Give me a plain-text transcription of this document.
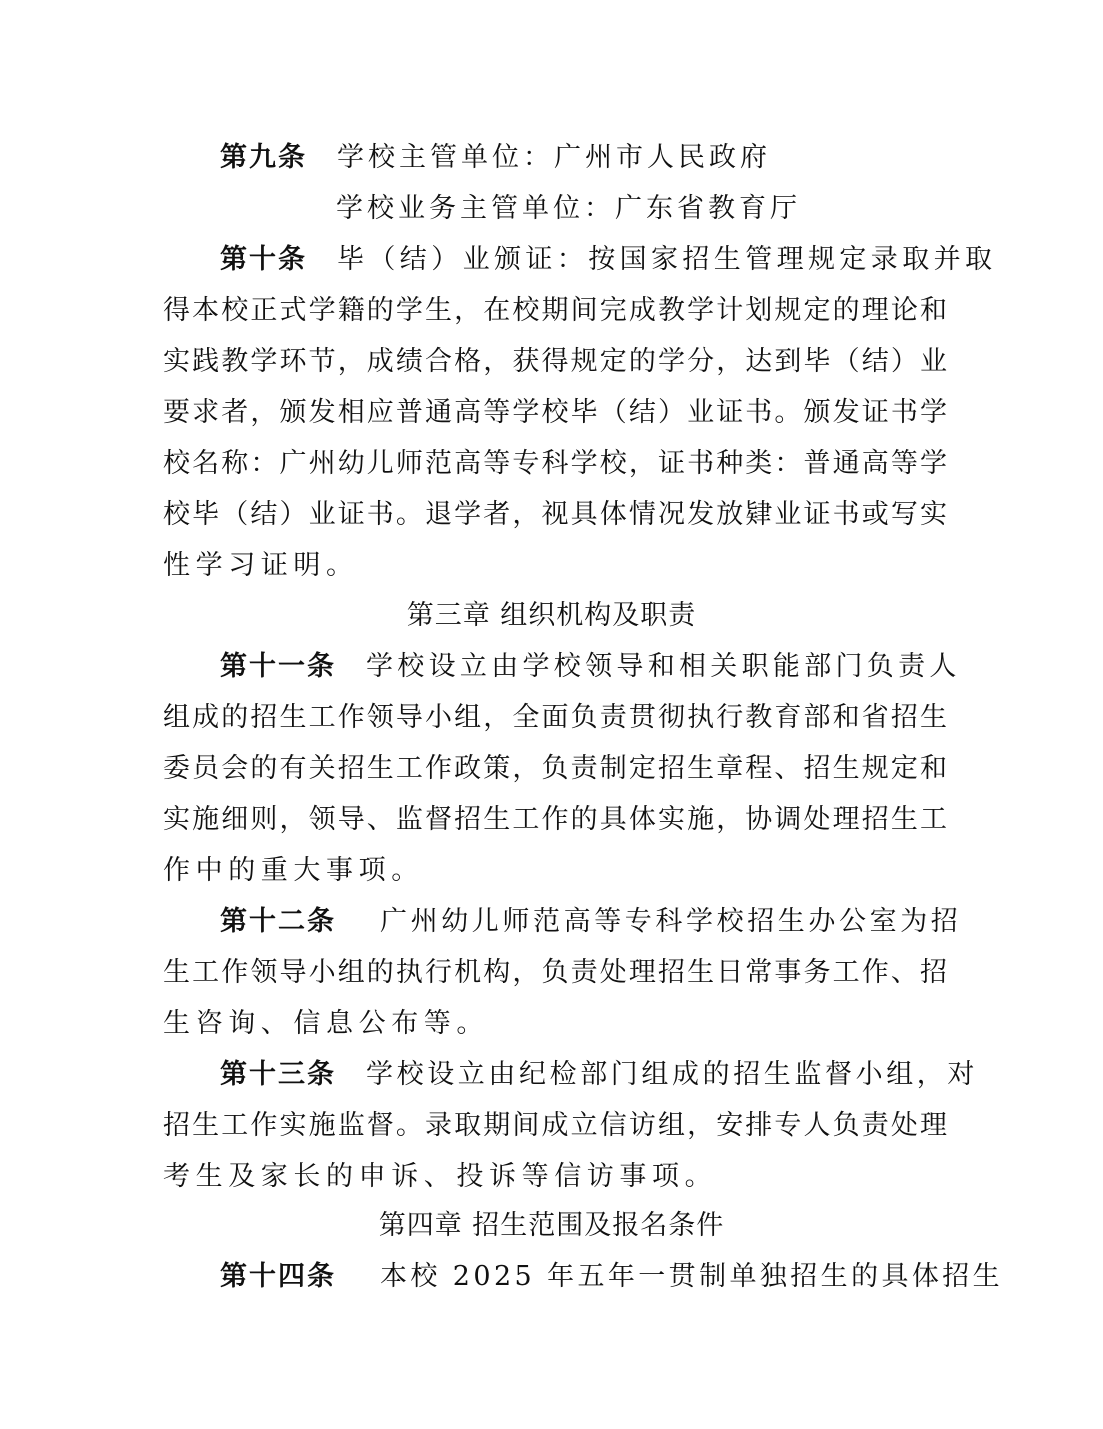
第九条 学校主管单位：广州市人民政府
学校业务主管单位：广东省教育厅
第十条 毕（结）业颁证：按国家招生管理规定录取并取
得本校正式学籍的学生，在校期间完成教学计划规定的理论和
实践教学环节，成绩合格，获得规定的学分，达到毕（结）业
要求者，颁发相应普通高等学校毕（结）业证书。颁发证书学
校名称：广州幼儿师范高等专科学校，证书种类：普通高等学
校毕（结）业证书。退学者，视具体情况发放肄业证书或写实
性学习证明。
第三章 组织机构及职责
第十一条 学校设立由学校领导和相关职能部门负责人
组成的招生工作领导小组，全面负责贯彻执行教育部和省招生
委员会的有关招生工作政策，负责制定招生章程、招生规定和
实施细则，领导、监督招生工作的具体实施，协调处理招生工
作中的重大事项。
第十二条 广州幼儿师范高等专科学校招生办公室为招
生工作领导小组的执行机构，负责处理招生日常事务工作、招
生咨询、信息公布等。
第十三条 学校设立由纪检部门组成的招生监督小组，对
招生工作实施监督。录取期间成立信访组，安排专人负责处理
考生及家长的申诉、投诉等信访事项。
第四章 招生范围及报名条件
第十四条 本校 2025 年五年一贯制单独招生的具体招生
